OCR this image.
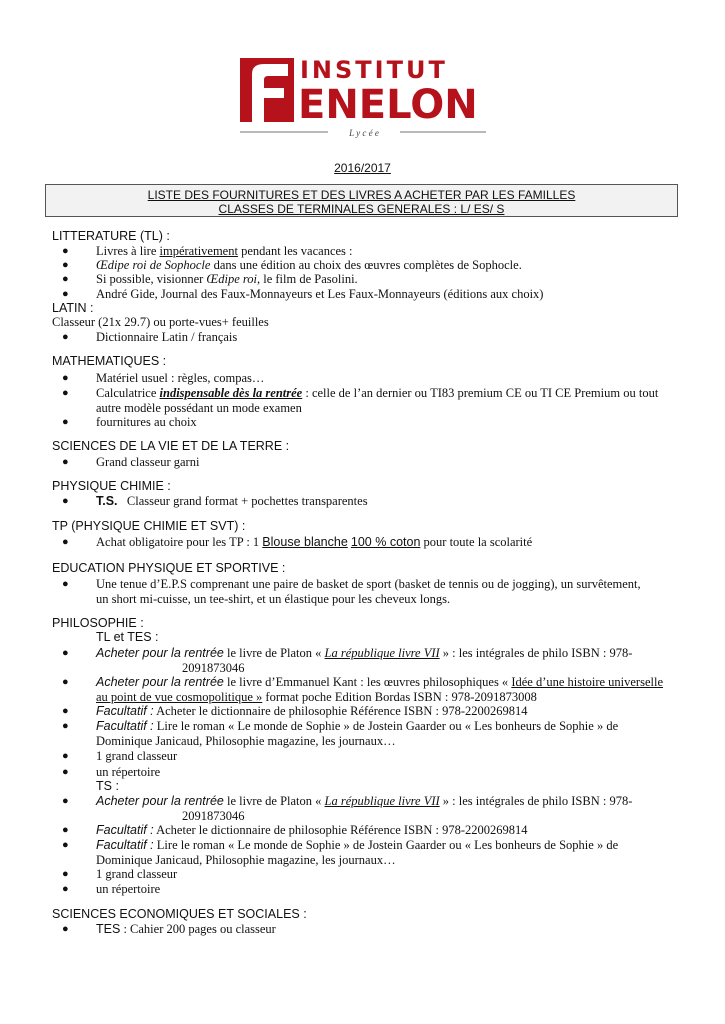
INSTITUT
ENELON
L y c é e
2016/2017
LISTE DES FOURNITURES ET DES LIVRES A ACHETER PAR LES FAMILLES
CLASSES DE TERMINALES GENERALES : L/ ES/ S
LITTERATURE (TL) :
● Livres à lire impérativement pendant les vacances :
● Œdipe roi de Sophocle dans une édition au choix des œuvres complètes de Sophocle.
● Si possible, visionner Œdipe roi, le film de Pasolini.
● André Gide, Journal des Faux-Monnayeurs et Les Faux-Monnayeurs (éditions aux choix)
LATIN :
Classeur (21x 29.7) ou porte-vues+ feuilles
● Dictionnaire Latin / français
MATHEMATIQUES :
● Matériel usuel : règles, compas…
● Calculatrice indispensable dès la rentrée : celle de l’an dernier ou TI83 premium CE ou TI CE Premium ou tout
autre modèle possédant un mode examen
● fournitures au choix
SCIENCES DE LA VIE ET DE LA TERRE :
● Grand classeur garni
PHYSIQUE CHIMIE :
● T.S. Classeur grand format + pochettes transparentes
TP (PHYSIQUE CHIMIE ET SVT) :
● Achat obligatoire pour les TP : 1 Blouse blanche 100 % coton pour toute la scolarité
EDUCATION PHYSIQUE ET SPORTIVE :
● Une tenue d’E.P.S comprenant une paire de basket de sport (basket de tennis ou de jogging), un survêtement,
un short mi-cuisse, un tee-shirt, et un élastique pour les cheveux longs.
PHILOSOPHIE :
TL et TES :
● Acheter pour la rentrée le livre de Platon « La république livre VII » : les intégrales de philo ISBN : 978-
2091873046
● Acheter pour la rentrée le livre d’Emmanuel Kant : les œuvres philosophiques « Idée d’une histoire universelle
au point de vue cosmopolitique » format poche Edition Bordas ISBN : 978-2091873008
● Facultatif : Acheter le dictionnaire de philosophie Référence ISBN : 978-2200269814
● Facultatif : Lire le roman « Le monde de Sophie » de Jostein Gaarder ou « Les bonheurs de Sophie » de
Dominique Janicaud, Philosophie magazine, les journaux…
● 1 grand classeur
● un répertoire
TS :
● Acheter pour la rentrée le livre de Platon « La république livre VII » : les intégrales de philo ISBN : 978-
2091873046
● Facultatif : Acheter le dictionnaire de philosophie Référence ISBN : 978-2200269814
● Facultatif : Lire le roman « Le monde de Sophie » de Jostein Gaarder ou « Les bonheurs de Sophie » de
Dominique Janicaud, Philosophie magazine, les journaux…
● 1 grand classeur
● un répertoire
SCIENCES ECONOMIQUES ET SOCIALES :
● TES : Cahier 200 pages ou classeur
